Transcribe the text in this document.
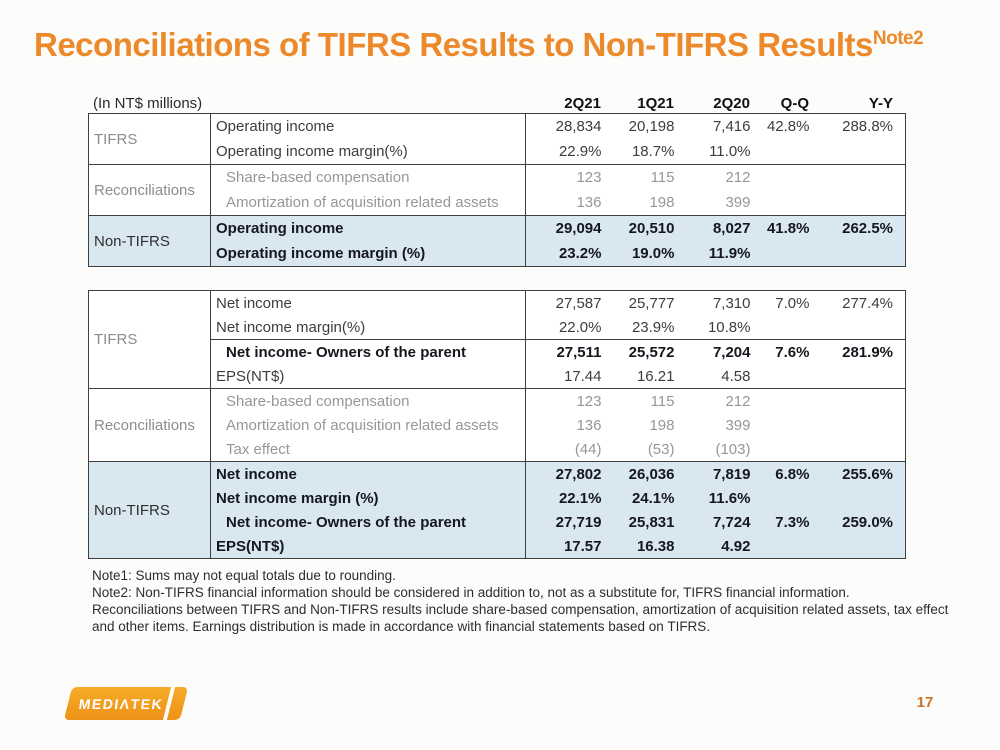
Reconciliations of TIFRS Results to Non-TIFRS Results$^{Note2}$
(In NT$ millions)	2Q21	1Q21	2Q20	Q-Q	Y-Y
TIFRS	Operating income	28,834	20,198	7,416	42.8%	288.8%
	Operating income margin(%)	22.9%	18.7%	11.0%		
Reconciliations	Share-based compensation	123	115	212		
	Amortization of acquisition related assets	136	198	399		
Non-TIFRS	Operating income	29,094	20,510	8,027	41.8%	262.5%
	Operating income margin (%)	23.2%	19.0%	11.9%		
TIFRS	Net income	27,587	25,777	7,310	7.0%	277.4%
	Net income margin(%)	22.0%	23.9%	10.8%		
	Net income- Owners of the parent	27,511	25,572	7,204	7.6%	281.9%
	EPS(NT$)	17.44	16.21	4.58		
Reconciliations	Share-based compensation	123	115	212		
	Amortization of acquisition related assets	136	198	399		
	Tax effect	(44)	(53)	(103)		
Non-TIFRS	Net income	27,802	26,036	7,819	6.8%	255.6%
	Net income margin (%)	22.1%	24.1%	11.6%		
	Net income- Owners of the parent	27,719	25,831	7,724	7.3%	259.0%
	EPS(NT$)	17.57	16.38	4.92		
Note1: Sums may not equal totals due to rounding.
Note2: Non-TIFRS financial information should be considered in addition to, not as a substitute for, TIFRS financial information.
Reconciliations between TIFRS and Non-TIFRS results include share-based compensation, amortization of acquisition related assets, tax effect and other items. Earnings distribution is made in accordance with financial statements based on TIFRS.
MEDIΛTEK	17
